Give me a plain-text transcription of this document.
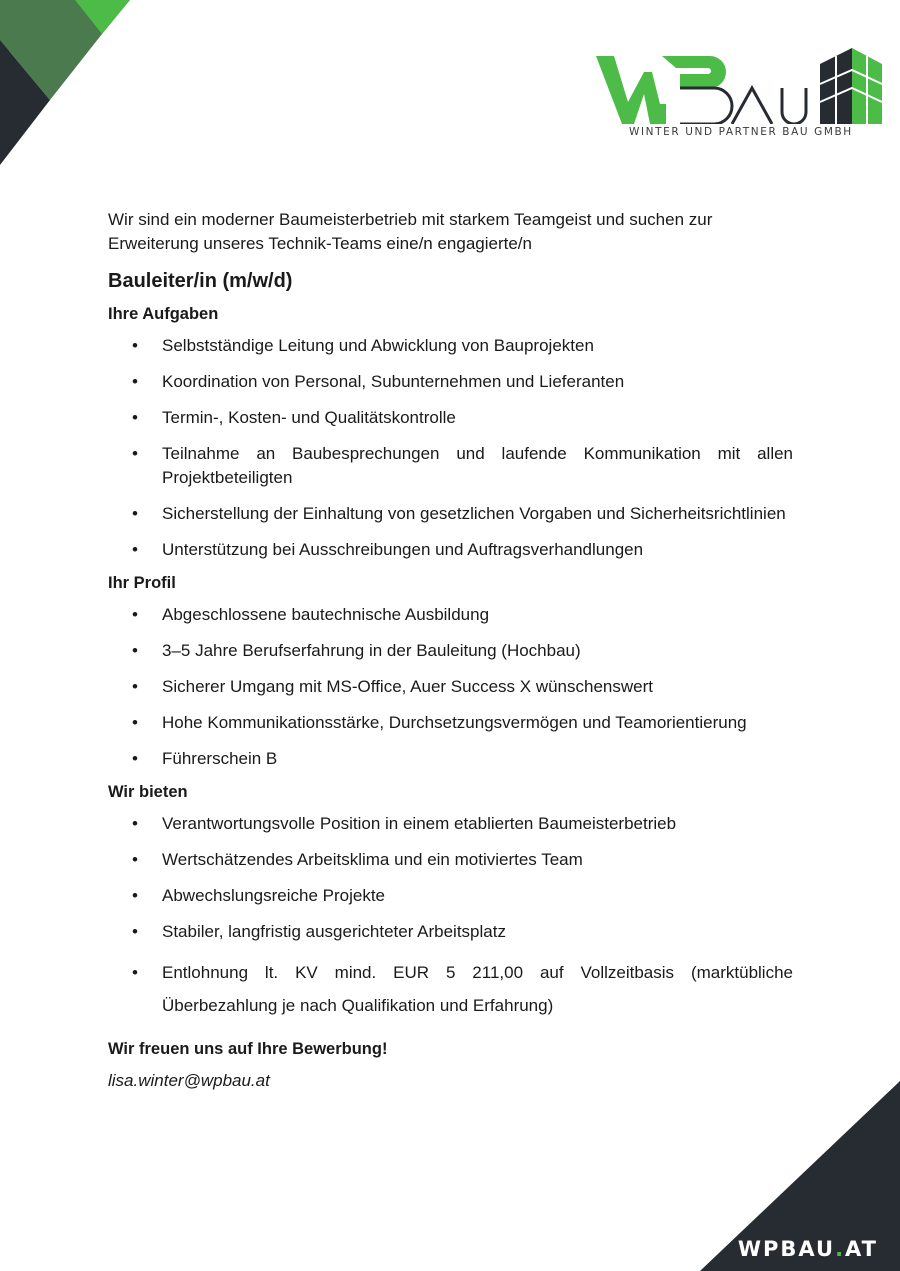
WINTER UND PARTNER BAU GMBH

Wir sind ein moderner Baumeisterbetrieb mit starkem Teamgeist und suchen zur Erweiterung unseres Technik-Teams eine/n engagierte/n

Bauleiter/in (m/w/d)
Ihre Aufgaben
• Selbstständige Leitung und Abwicklung von Bauprojekten
• Koordination von Personal, Subunternehmen und Lieferanten
• Termin-, Kosten- und Qualitätskontrolle
• Teilnahme an Baubesprechungen und laufende Kommunikation mit allen Projektbeteiligten
• Sicherstellung der Einhaltung von gesetzlichen Vorgaben und Sicherheitsrichtlinien
• Unterstützung bei Ausschreibungen und Auftragsverhandlungen
Ihr Profil
• Abgeschlossene bautechnische Ausbildung
• 3–5 Jahre Berufserfahrung in der Bauleitung (Hochbau)
• Sicherer Umgang mit MS-Office, Auer Success X wünschenswert
• Hohe Kommunikationsstärke, Durchsetzungsvermögen und Teamorientierung
• Führerschein B
Wir bieten
• Verantwortungsvolle Position in einem etablierten Baumeisterbetrieb
• Wertschätzendes Arbeitsklima und ein motiviertes Team
• Abwechslungsreiche Projekte
• Stabiler, langfristig ausgerichteter Arbeitsplatz
• Entlohnung lt. KV mind. EUR 5 211,00 auf Vollzeitbasis (marktübliche Überbezahlung je nach Qualifikation und Erfahrung)
Wir freuen uns auf Ihre Bewerbung!
lisa.winter@wpbau.at
WPBAU.AT
